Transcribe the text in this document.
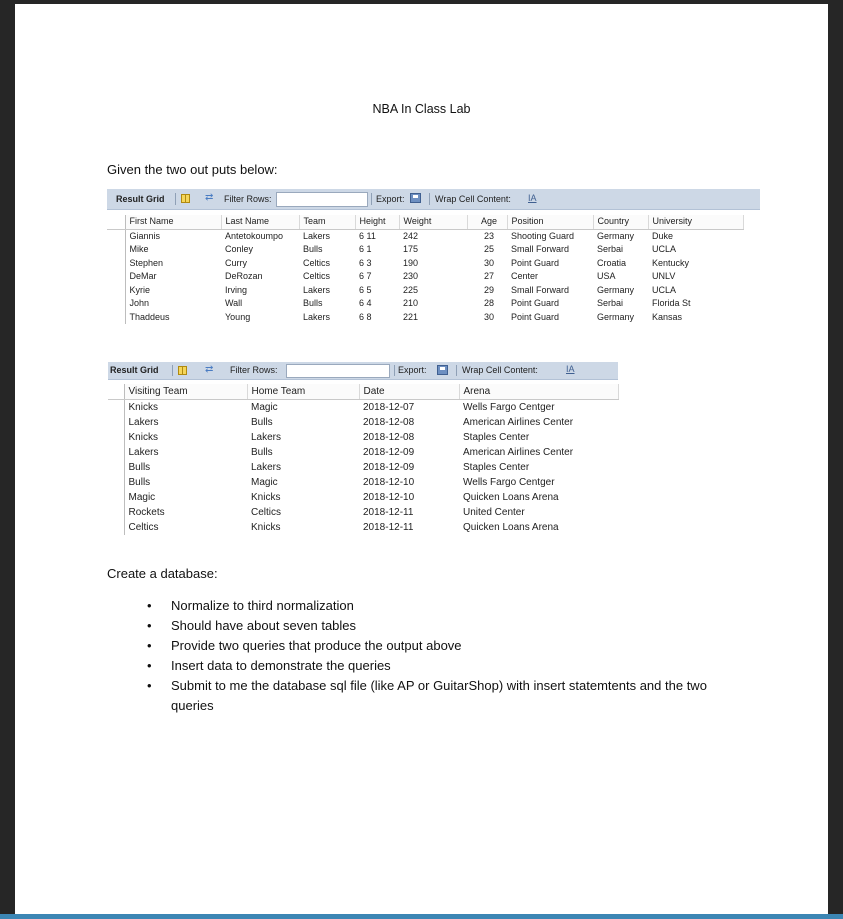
NBA In Class Lab
Given the two out puts below:
Result Grid	⇄ Filter Rows:	Export:	Wrap Cell Content: IA
	First Name	Last Name	Team	Height	Weight	Age	Position	Country	University
	Giannis	Antetokoumpo	Lakers	6 11	242	23	Shooting Guard	Germany	Duke
	Mike	Conley	Bulls	6 1	175	25	Small Forward	Serbai	UCLA
	Stephen	Curry	Celtics	6 3	190	30	Point Guard	Croatia	Kentucky
	DeMar	DeRozan	Celtics	6 7	230	27	Center	USA	UNLV
	Kyrie	Irving	Lakers	6 5	225	29	Small Forward	Germany	UCLA
	John	Wall	Bulls	6 4	210	28	Point Guard	Serbai	Florida St
	Thaddeus	Young	Lakers	6 8	221	30	Point Guard	Germany	Kansas
Result Grid	⇄ Filter Rows:	Export:	Wrap Cell Content:	IA
	Visiting Team	Home Team	Date	Arena
	Knicks	Magic	2018-12-07	Wells Fargo Centger
	Lakers	Bulls	2018-12-08	American Airlines Center
	Knicks	Lakers	2018-12-08	Staples Center
	Lakers	Bulls	2018-12-09	American Airlines Center
	Bulls	Lakers	2018-12-09	Staples Center
	Bulls	Magic	2018-12-10	Wells Fargo Centger
	Magic	Knicks	2018-12-10	Quicken Loans Arena
	Rockets	Celtics	2018-12-11	United Center
	Celtics	Knicks	2018-12-11	Quicken Loans Arena
Create a database:
• Normalize to third normalization
• Should have about seven tables
• Provide two queries that produce the output above
• Insert data to demonstrate the queries
• Submit to me the database sql file (like AP or GuitarShop) with insert statemtents and the two queries
